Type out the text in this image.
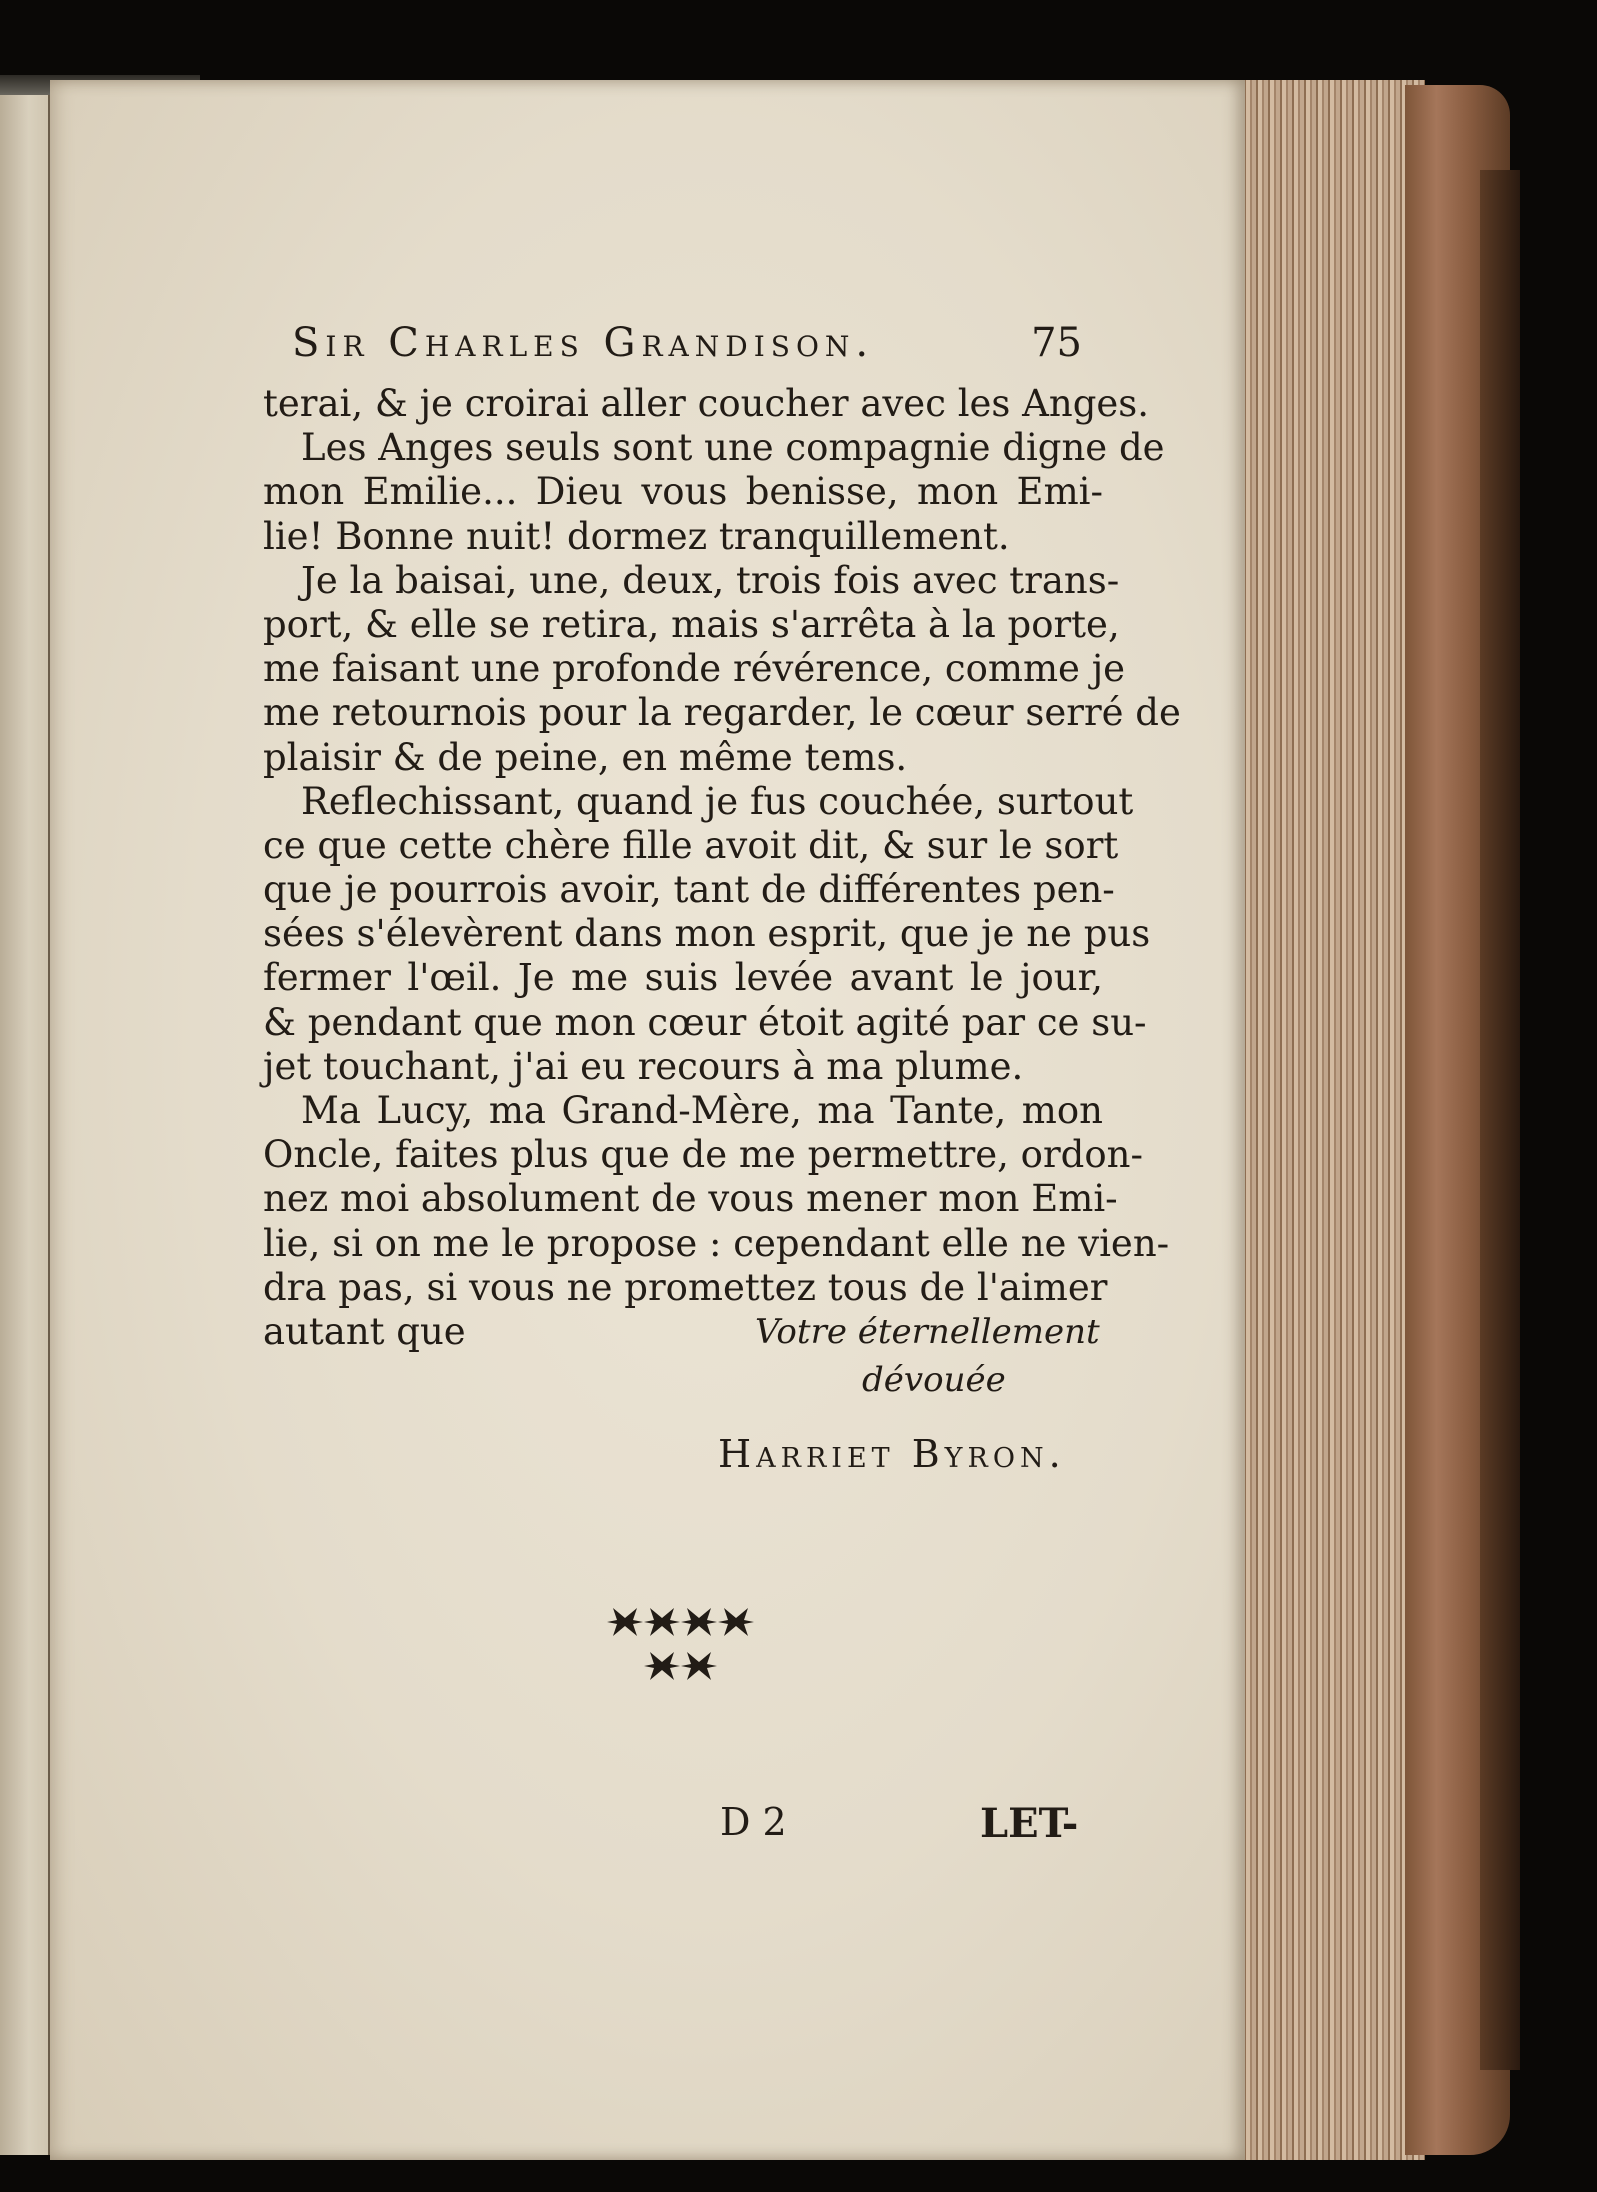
Sir Charles Grandison.	75
terai, & je croirai aller coucher avec les Anges.
Les Anges seuls sont une compagnie digne de
mon Emilie... Dieu vous benisse, mon Emi-
lie! Bonne nuit! dormez tranquillement.
Je la baisai, une, deux, trois fois avec trans-
port, & elle se retira, mais s'arrêta à la porte,
me faisant une profonde révérence, comme je
me retournois pour la regarder, le cœur serré de
plaisir & de peine, en même tems.
Reflechissant, quand je fus couchée, surtout
ce que cette chère fille avoit dit, & sur le sort
que je pourrois avoir, tant de différentes pen-
sées s'élevèrent dans mon esprit, que je ne pus
fermer l'œil. Je me suis levée avant le jour,
& pendant que mon cœur étoit agité par ce su-
jet touchant, j'ai eu recours à ma plume.
Ma Lucy, ma Grand-Mère, ma Tante, mon
Oncle, faites plus que de me permettre, ordon-
nez moi absolument de vous mener mon Emi-
lie, si on me le propose : cependant elle ne vien-
dra pas, si vous ne promettez tous de l'aimer
autant que	Votre éternellement
dévouée
Harriet Byron.
D 2	LET-
